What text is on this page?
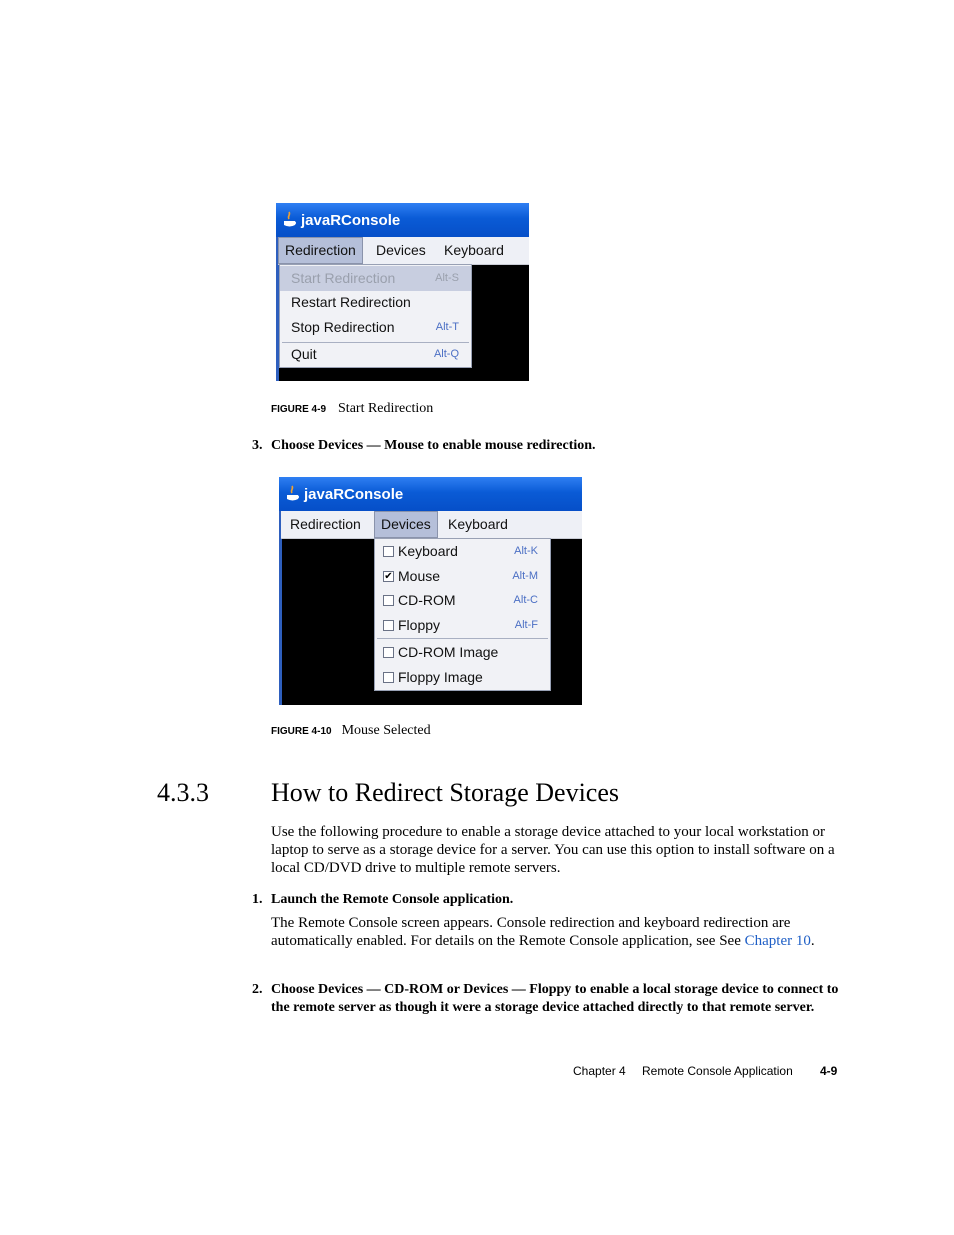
javaRConsole
Redirection	Devices	Keyboard
Start Redirection	Alt-S
Restart Redirection
Stop Redirection	Alt-T
Quit	Alt-Q
FIGURE 4-9 Start Redirection
3. Choose Devices — Mouse to enable mouse redirection.
javaRConsole
Redirection	Devices	Keyboard
Keyboard	Alt-K
✔ Mouse	Alt-M
CD-ROM	Alt-C
Floppy	Alt-F
CD-ROM Image
Floppy Image
FIGURE 4-10 Mouse Selected
4.3.3 How to Redirect Storage Devices
Use the following procedure to enable a storage device attached to your local workstation or laptop to serve as a storage device for a server. You can use this option to install software on a local CD/DVD drive to multiple remote servers.
1. Launch the Remote Console application.
The Remote Console screen appears. Console redirection and keyboard redirection are automatically enabled. For details on the Remote Console application, see See Chapter 10.
2. Choose Devices — CD-ROM or Devices — Floppy to enable a local storage device to connect to the remote server as though it were a storage device attached directly to that remote server.
Chapter 4 Remote Console Application 4-9
